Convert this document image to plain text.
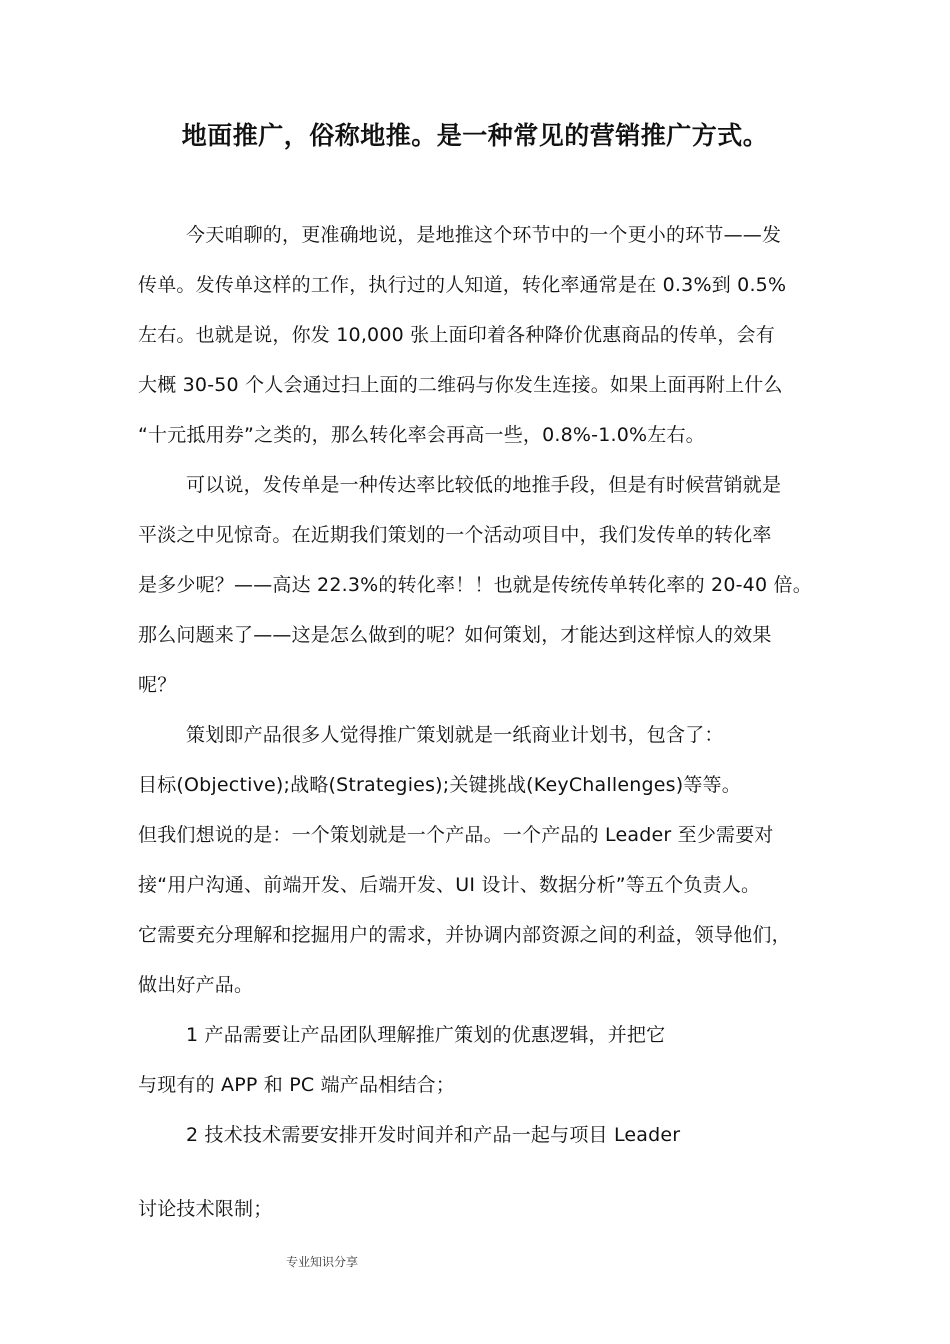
地面推广，俗称地推。是一种常见的营销推广方式。
今天咱聊的，更准确地说，是地推这个环节中的一个更小的环节——发
传单。发传单这样的工作，执行过的人知道，转化率通常是在 0.3%到 0.5%
左右。也就是说，你发 10,000 张上面印着各种降价优惠商品的传单，会有
大概 30-50 个人会通过扫上面的二维码与你发生连接。如果上面再附上什么
“十元抵用券”之类的，那么转化率会再高一些，0.8%-1.0%左右。
可以说，发传单是一种传达率比较低的地推手段，但是有时候营销就是
平淡之中见惊奇。在近期我们策划的一个活动项目中，我们发传单的转化率
是多少呢？——高达 22.3%的转化率！！也就是传统传单转化率的 20-40 倍。
那么问题来了——这是怎么做到的呢？如何策划，才能达到这样惊人的效果
呢？
策划即产品很多人觉得推广策划就是一纸商业计划书，包含了：
目标(Objective);战略(Strategies);关键挑战(KeyChallenges)等等。
但我们想说的是：一个策划就是一个产品。一个产品的 Leader 至少需要对
接“用户沟通、前端开发、后端开发、UI 设计、数据分析”等五个负责人。
它需要充分理解和挖掘用户的需求，并协调内部资源之间的利益，领导他们，
做出好产品。
1 产品需要让产品团队理解推广策划的优惠逻辑，并把它
与现有的 APP 和 PC 端产品相结合；
2 技术技术需要安排开发时间并和产品一起与项目 Leader
讨论技术限制；
专业知识分享
